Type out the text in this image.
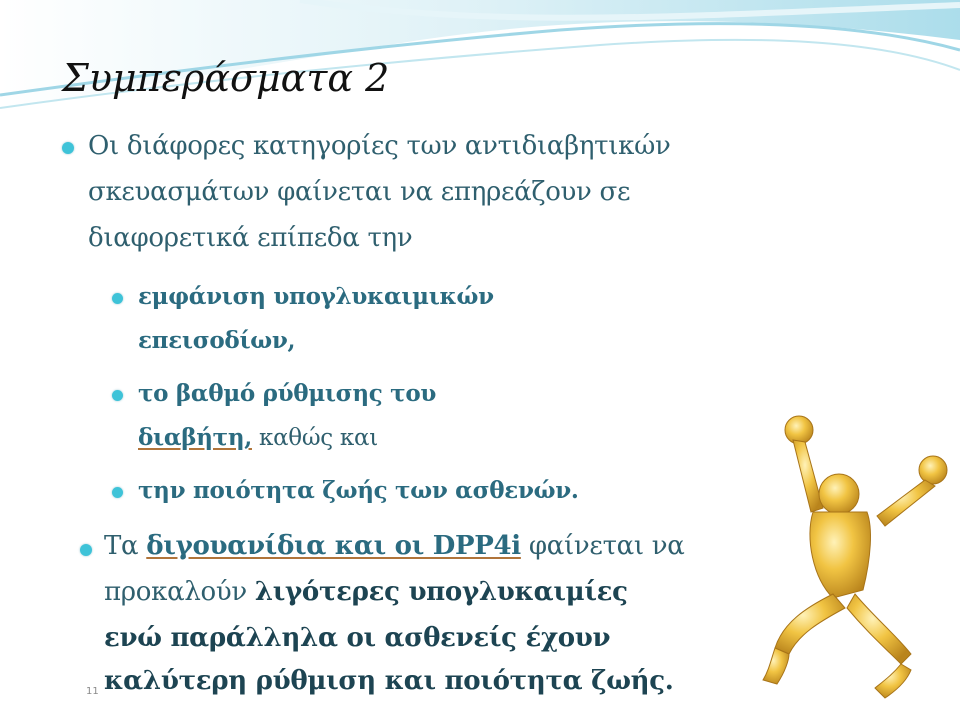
Συμπεράσματα 2
Οι διάφορες κατηγορίες των αντιδιαβητικών
σκευασμάτων φαίνεται να επηρεάζουν σε
διαφορετικά επίπεδα την
εμφάνιση υπογλυκαιμικών
επεισοδίων,
το βαθμό ρύθμισης του
διαβήτη, καθώς και
την ποιότητα ζωής των ασθενών.
Τα διγουανίδια και οι DPP4i φαίνεται να
προκαλούν λιγότερες υπογλυκαιμίες
ενώ παράλληλα οι ασθενείς έχουν
καλύτερη ρύθμιση και ποιότητα ζωής.
11
